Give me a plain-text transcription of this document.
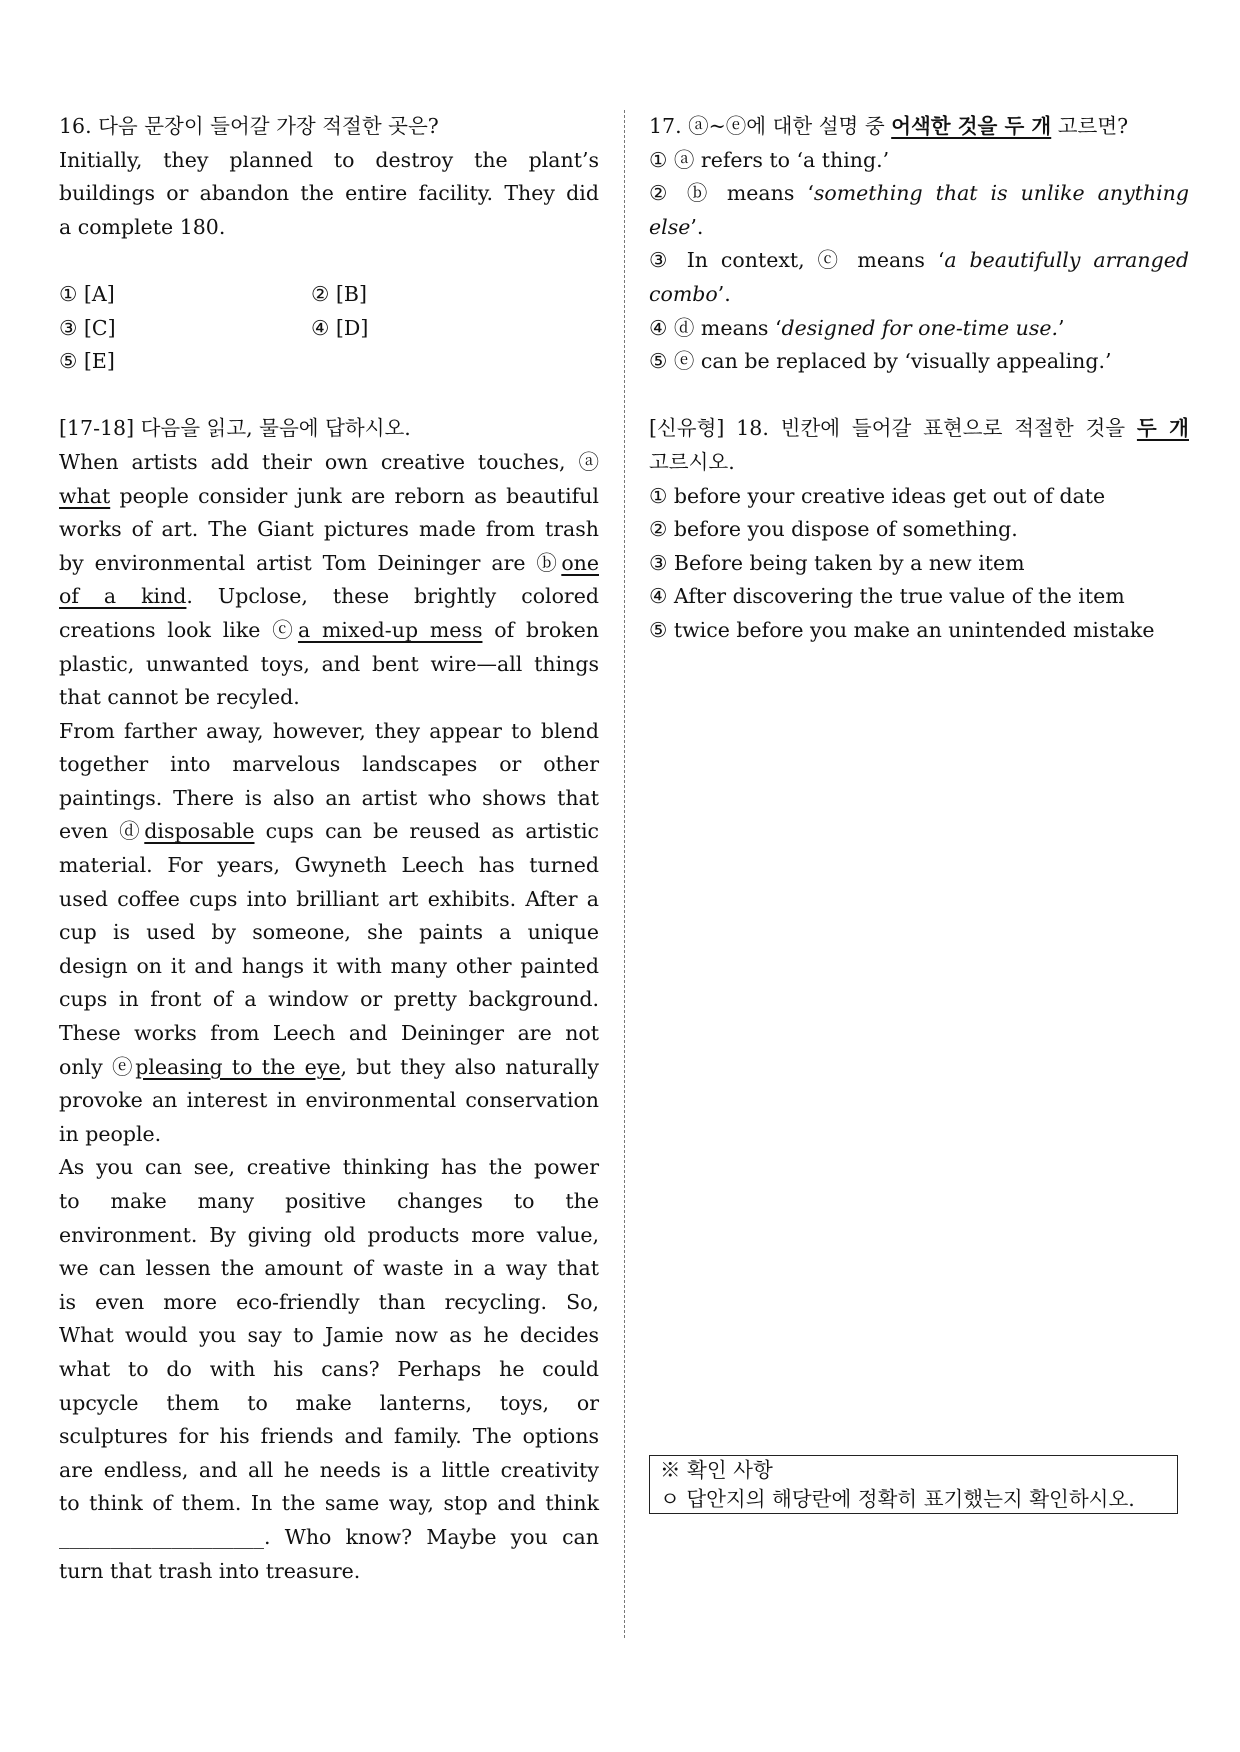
16. 다음 문장이 들어갈 가장 적절한 곳은?
Initially, they planned to destroy the plant’s
buildings or abandon the entire facility. They did
a complete 180.
① [A]	② [B]
③ [C]	④ [D]
⑤ [E]
[17-18] 다음을 읽고, 물음에 답하시오.
When artists add their own creative touches, ⓐ
what people consider junk are reborn as beautiful
works of art. The Giant pictures made from trash
by environmental artist Tom Deininger are ⓑone
of a kind. Upclose, these brightly colored
creations look like ⓒa mixed-up mess of broken
plastic, unwanted toys, and bent wire—all things
that cannot be recyled.
From farther away, however, they appear to blend
together into marvelous landscapes or other
paintings. There is also an artist who shows that
even ⓓdisposable cups can be reused as artistic
material. For years, Gwyneth Leech has turned
used coffee cups into brilliant art exhibits. After a
cup is used by someone, she paints a unique
design on it and hangs it with many other painted
cups in front of a window or pretty background.
These works from Leech and Deininger are not
only ⓔpleasing to the eye, but they also naturally
provoke an interest in environmental conservation
in people.
As you can see, creative thinking has the power
to make many positive changes to the
environment. By giving old products more value,
we can lessen the amount of waste in a way that
is even more eco-friendly than recycling. So,
What would you say to Jamie now as he decides
what to do with his cans? Perhaps he could
upcycle them to make lanterns, toys, or
sculptures for his friends and family. The options
are endless, and all he needs is a little creativity
to think of them. In the same way, stop and think
____________________. Who know? Maybe you can
turn that trash into treasure.
17. ⓐ~ⓔ에 대한 설명 중 어색한 것을 두 개 고르면?
① ⓐ refers to ‘a thing.’
② ⓑ means ‘something that is unlike anything
else’.
③ In context, ⓒ means ‘a beautifully arranged
combo’.
④ ⓓ means ‘designed for one-time use.’
⑤ ⓔ can be replaced by ‘visually appealing.’
[신유형] 18. 빈칸에 들어갈 표현으로 적절한 것을 두 개
고르시오.
① before your creative ideas get out of date
② before you dispose of something.
③ Before being taken by a new item
④ After discovering the true value of the item
⑤ twice before you make an unintended mistake
※ 확인 사항
ㅇ 답안지의 해당란에 정확히 표기했는지 확인하시오.
